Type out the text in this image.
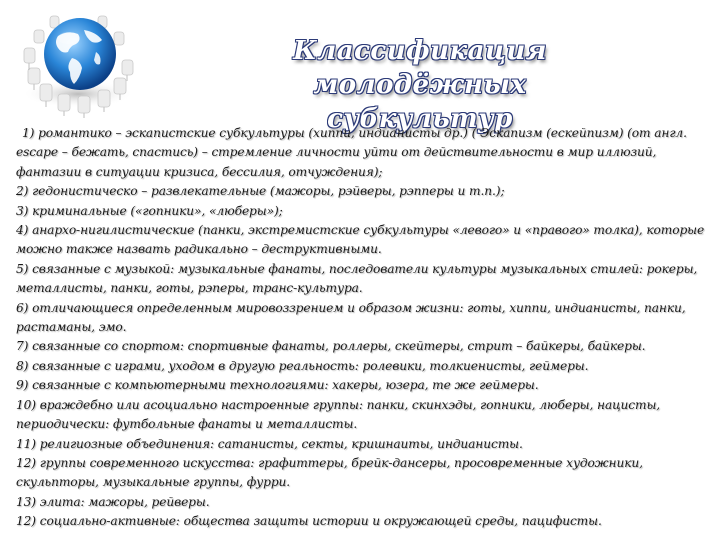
Классификация молодёжных
субкультур

1) романтико – эскапистские субкультуры (хиппи, индианисты др.) ( Эскапизм (ескейпизм) (от англ. escape – бежать, спастись) – стремление личности уйти от действительности в мир иллюзий, фантазии в ситуации кризиса, бессилия, отчуждения);

2) гедонистическо – развлекательные (мажоры, рэйверы, рэпперы и т.п.);

3) криминальные («гопники», «люберы»);

4) анархо-нигилистические (панки, экстремистские субкультуры «левого» и «правого» толка), которые можно также назвать радикально – деструктивными.

5) связанные с музыкой: музыкальные фанаты, последователи культуры музыкальных стилей: рокеры, металлисты, панки, готы, рэперы, транс-культура.

6) отличающиеся определенным мировоззрением и образом жизни: готы, хиппи, индианисты, панки, растаманы, эмо.

7) связанные со спортом: спортивные фанаты, роллеры, скейтеры, стрит – байкеры, байкеры.

8) связанные с играми, уходом в другую реальность: ролевики, толкиенисты, геймеры.

9) связанные с компьютерными технологиями: хакеры, юзера, те же геймеры.

10) враждебно или асоциально настроенные группы: панки, скинхэды, гопники, люберы, нацисты, периодически: футбольные фанаты и металлисты.

11) религиозные объединения: сатанисты, секты, кришнаиты, индианисты.

12) группы современного искусства: графиттеры, брейк-дансеры, просовременные художники, скульпторы, музыкальные группы, фурри.

13) элита: мажоры, рейверы.

12) социально-активные: общества защиты истории и окружающей среды, пацифисты.
